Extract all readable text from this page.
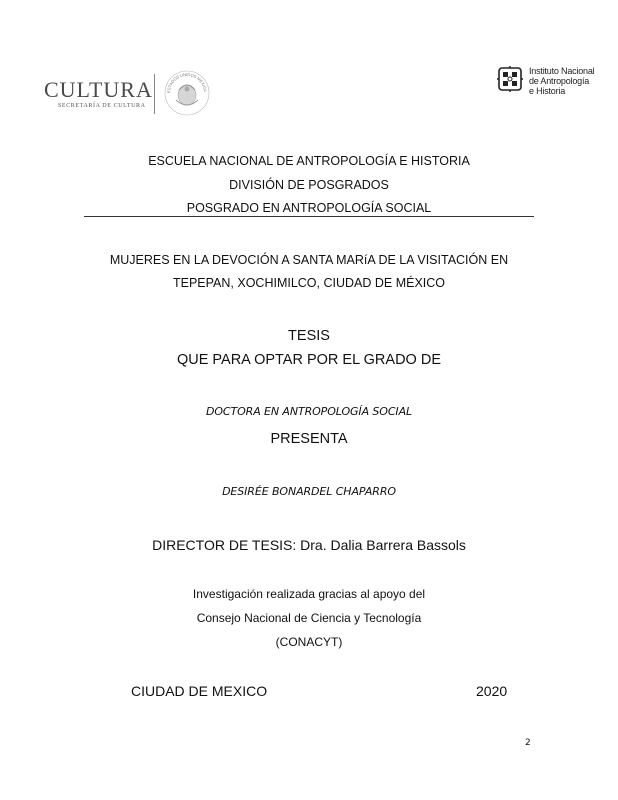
CULTURA
SECRETARÍA DE CULTURA
ESTADOS UNIDOS MEXICA
Instituto Nacional
de Antropología
e Historia
ESCUELA NACIONAL DE ANTROPOLOGÍA E HISTORIA
DIVISIÓN DE POSGRADOS
POSGRADO EN ANTROPOLOGÍA SOCIAL
MUJERES EN LA DEVOCIÓN A SANTA MARíA DE LA VISITACIÓN EN
TEPEPAN, XOCHIMILCO, CIUDAD DE MÉXICO
TESIS
QUE PARA OPTAR POR EL GRADO DE
DOCTORA EN ANTROPOLOGÍA SOCIAL
PRESENTA
DESIRÉE BONARDEL CHAPARRO
DIRECTOR DE TESIS: Dra. Dalia Barrera Bassols
Investigación realizada gracias al apoyo del
Consejo Nacional de Ciencia y Tecnología
(CONACYT)
CIUDAD DE MEXICO	2020
2
